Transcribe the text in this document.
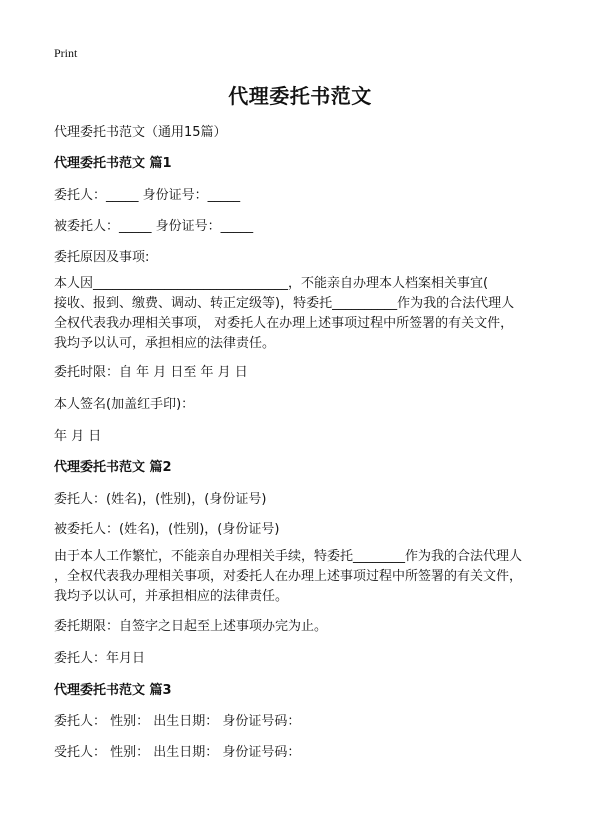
Print
代理委托书范文
代理委托书范文（通用15篇）
代理委托书范文 篇1
委托人：_____ 身份证号：_____
被委托人：_____ 身份证号：_____
委托原因及事项:
本人因______________________________，不能亲自办理本人档案相关事宜(
接收、报到、缴费、调动、转正定级等)，特委托__________作为我的合法代理人
全权代表我办理相关事项， 对委托人在办理上述事项过程中所签署的有关文件，
我均予以认可，承担相应的法律责任。
委托时限：自 年 月 日至 年 月 日
本人签名(加盖红手印)：
年 月 日
代理委托书范文 篇2
委托人：(姓名)，(性别)，(身份证号)
被委托人：(姓名)，(性别)，(身份证号)
由于本人工作繁忙，不能亲自办理相关手续，特委托________作为我的合法代理人
，全权代表我办理相关事项，对委托人在办理上述事项过程中所签署的有关文件，
我均予以认可，并承担相应的法律责任。
委托期限：自签字之日起至上述事项办完为止。
委托人：年月日
代理委托书范文 篇3
委托人： 性别： 出生日期： 身份证号码：
受托人： 性别： 出生日期： 身份证号码：
